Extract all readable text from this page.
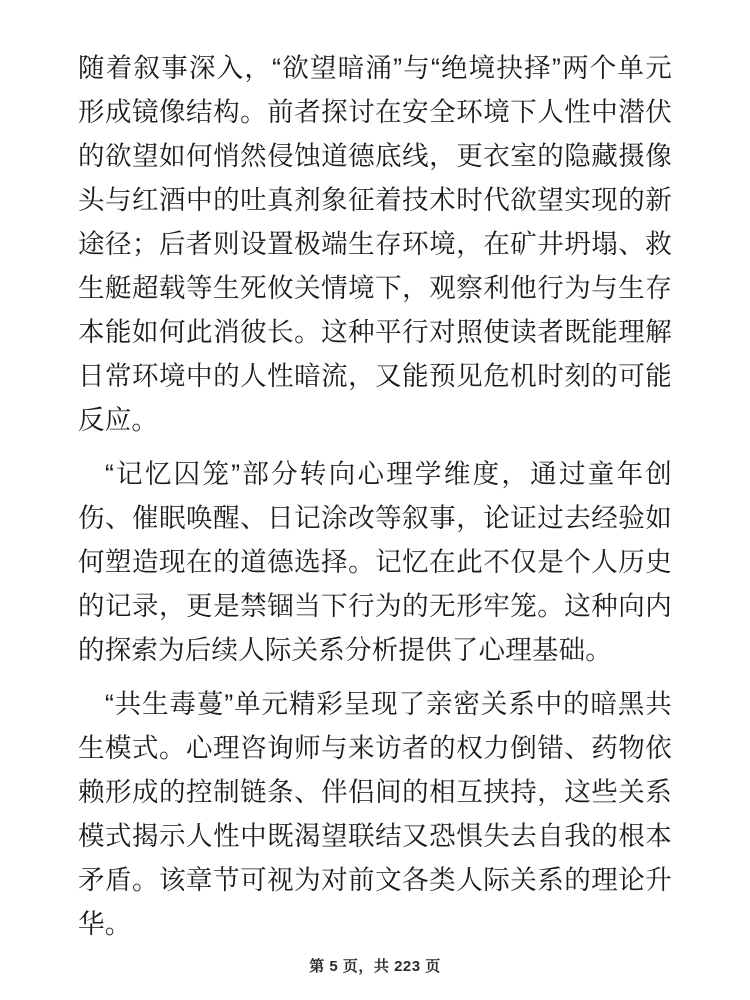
随着叙事深入，“欲望暗涌”与“绝境抉择”两个单元形成镜像结构。前者探讨在安全环境下人性中潜伏的欲望如何悄然侵蚀道德底线，更衣室的隐藏摄像头与红酒中的吐真剂象征着技术时代欲望实现的新途径；后者则设置极端生存环境，在矿井坍塌、救生艇超载等生死攸关情境下，观察利他行为与生存本能如何此消彼长。这种平行对照使读者既能理解日常环境中的人性暗流，又能预见危机时刻的可能反应。

“记忆囚笼”部分转向心理学维度，通过童年创伤、催眠唤醒、日记涂改等叙事，论证过去经验如何塑造现在的道德选择。记忆在此不仅是个人历史的记录，更是禁锢当下行为的无形牢笼。这种向内的探索为后续人际关系分析提供了心理基础。

“共生毒蔓”单元精彩呈现了亲密关系中的暗黑共生模式。心理咨询师与来访者的权力倒错、药物依赖形成的控制链条、伴侣间的相互挟持，这些关系模式揭示人性中既渴望联结又恐惧失去自我的根本矛盾。该章节可视为对前文各类人际关系的理论升华。

第 5 页，共 223 页
